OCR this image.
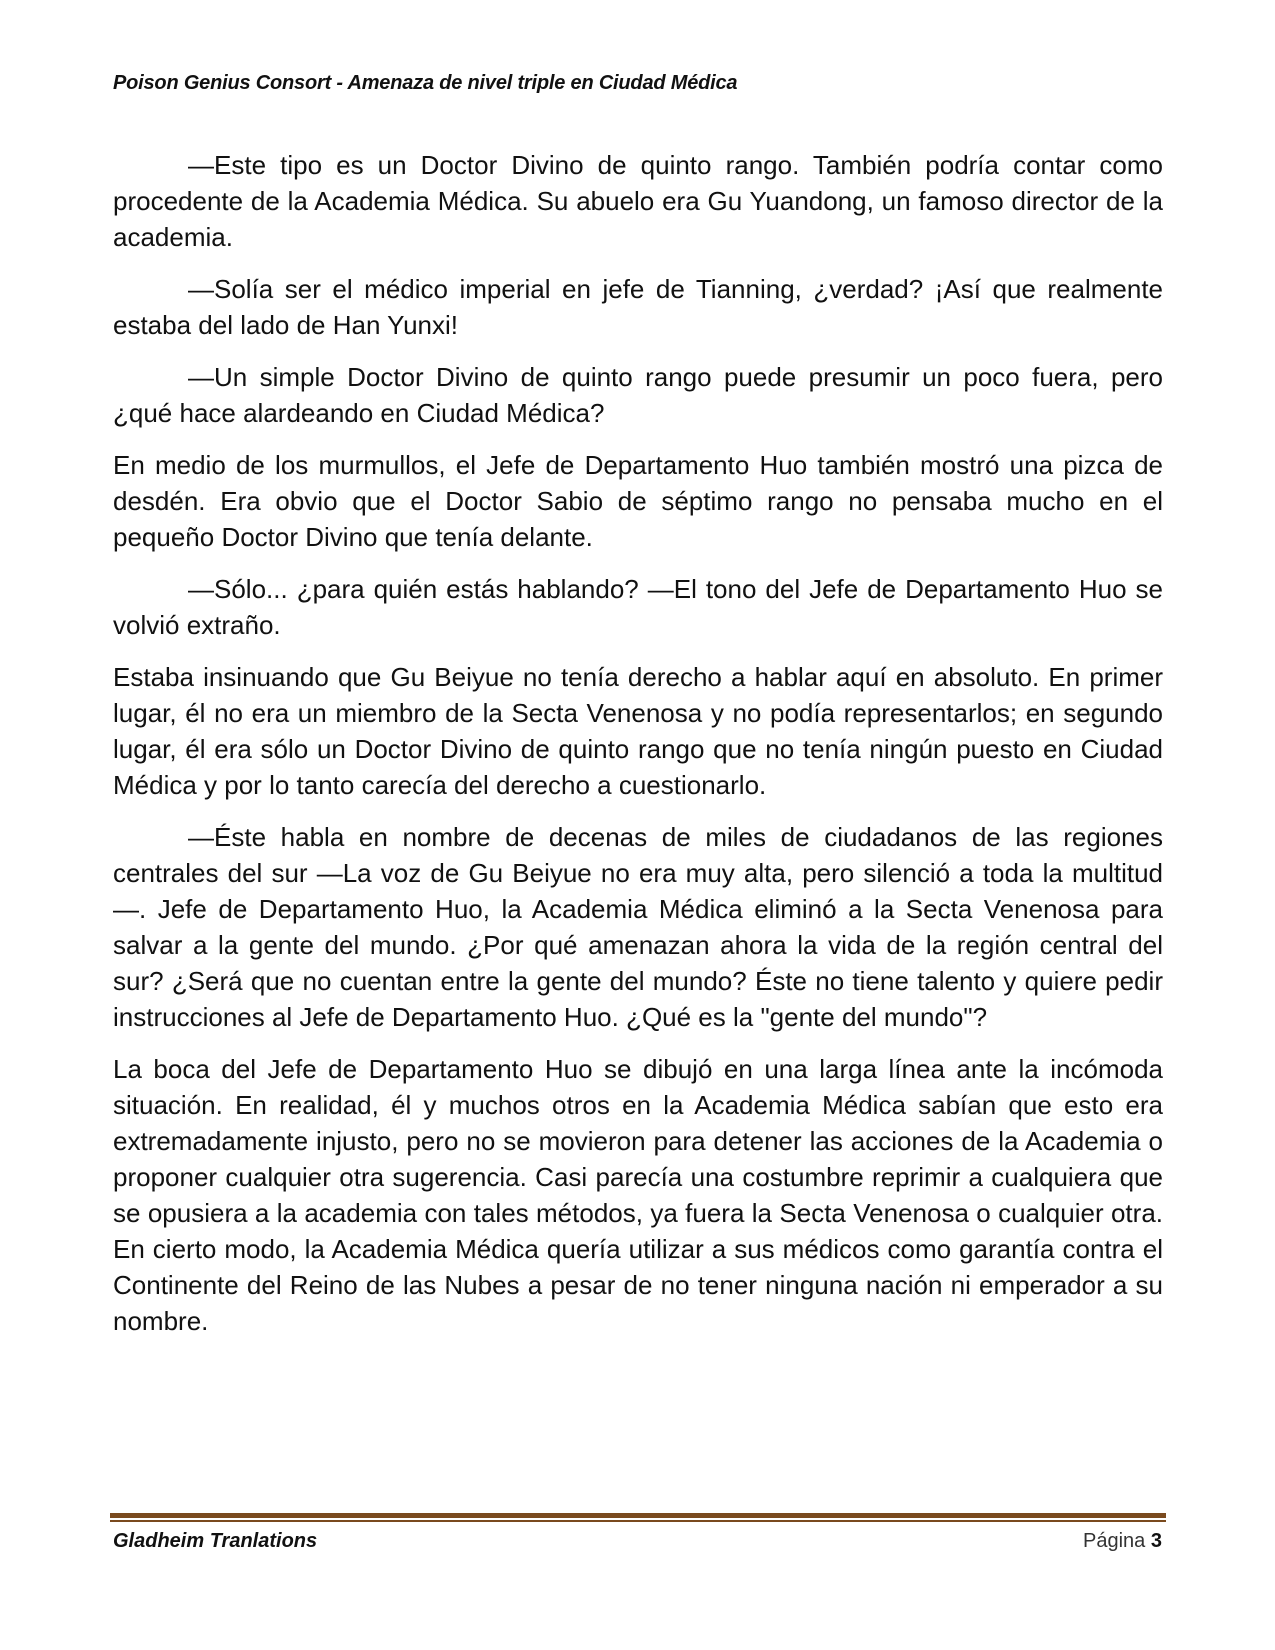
Poison Genius Consort - Amenaza de nivel triple en Ciudad Médica

—Este tipo es un Doctor Divino de quinto rango. También podría contar como procedente de la Academia Médica. Su abuelo era Gu Yuandong, un famoso director de la academia.

—Solía ser el médico imperial en jefe de Tianning, ¿verdad? ¡Así que realmente estaba del lado de Han Yunxi!

—Un simple Doctor Divino de quinto rango puede presumir un poco fuera, pero ¿qué hace alardeando en Ciudad Médica?

En medio de los murmullos, el Jefe de Departamento Huo también mostró una pizca de desdén. Era obvio que el Doctor Sabio de séptimo rango no pensaba mucho en el pequeño Doctor Divino que tenía delante.

—Sólo... ¿para quién estás hablando? —El tono del Jefe de Departamento Huo se volvió extraño.

Estaba insinuando que Gu Beiyue no tenía derecho a hablar aquí en absoluto. En primer lugar, él no era un miembro de la Secta Venenosa y no podía representarlos; en segundo lugar, él era sólo un Doctor Divino de quinto rango que no tenía ningún puesto en Ciudad Médica y por lo tanto carecía del derecho a cuestionarlo.

—Éste habla en nombre de decenas de miles de ciudadanos de las regiones centrales del sur —La voz de Gu Beiyue no era muy alta, pero silenció a toda la multitud—. Jefe de Departamento Huo, la Academia Médica eliminó a la Secta Venenosa para salvar a la gente del mundo. ¿Por qué amenazan ahora la vida de la región central del sur? ¿Será que no cuentan entre la gente del mundo? Éste no tiene talento y quiere pedir instrucciones al Jefe de Departamento Huo. ¿Qué es la "gente del mundo"?

La boca del Jefe de Departamento Huo se dibujó en una larga línea ante la incómoda situación. En realidad, él y muchos otros en la Academia Médica sabían que esto era extremadamente injusto, pero no se movieron para detener las acciones de la Academia o proponer cualquier otra sugerencia. Casi parecía una costumbre reprimir a cualquiera que se opusiera a la academia con tales métodos, ya fuera la Secta Venenosa o cualquier otra. En cierto modo, la Academia Médica quería utilizar a sus médicos como garantía contra el Continente del Reino de las Nubes a pesar de no tener ninguna nación ni emperador a su nombre.

Gladheim Tranlations	Página 3
